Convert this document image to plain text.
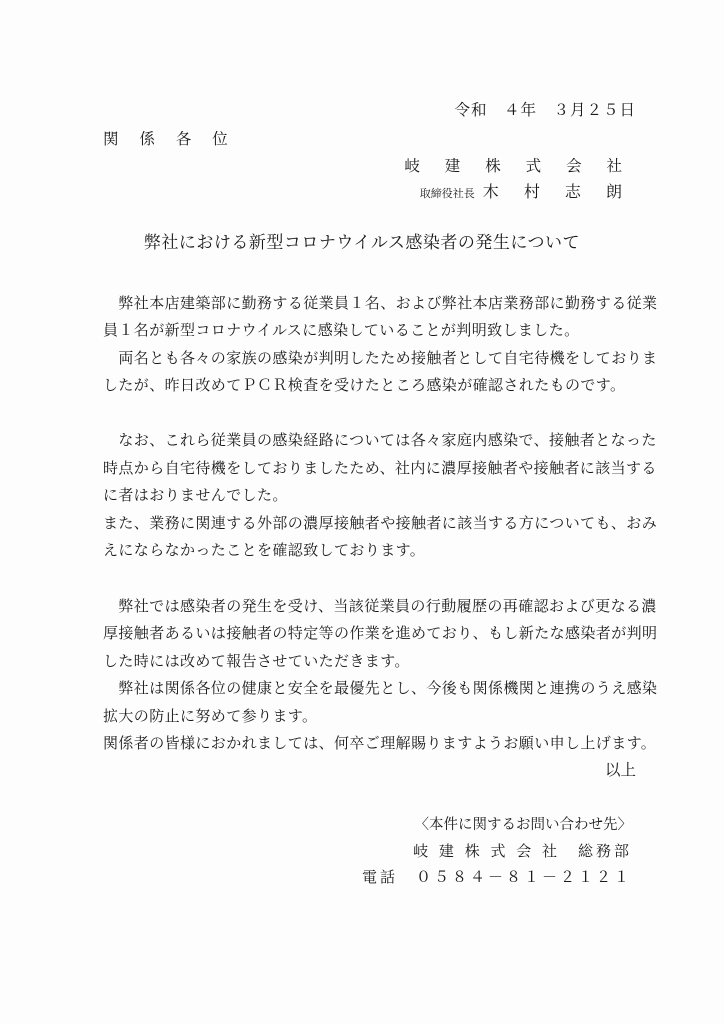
令和　４年　３月２５日
関 係 各 位
岐 建 株 式 会 社
取締役社長 木 村 志 朗
弊社における新型コロナウイルス感染者の発生について
　弊社本店建築部に勤務する従業員１名、および弊社本店業務部に勤務する従業
員１名が新型コロナウイルスに感染していることが判明致しました。
　両名とも各々の家族の感染が判明したため接触者として自宅待機をしておりま
したが、昨日改めてＰＣＲ検査を受けたところ感染が確認されたものです。
　なお、これら従業員の感染経路については各々家庭内感染で、接触者となった
時点から自宅待機をしておりましたため、社内に濃厚接触者や接触者に該当する
に者はおりませんでした。
また、業務に関連する外部の濃厚接触者や接触者に該当する方についても、おみ
えにならなかったことを確認致しております。
　弊社では感染者の発生を受け、当該従業員の行動履歴の再確認および更なる濃
厚接触者あるいは接触者の特定等の作業を進めており、もし新たな感染者が判明
した時には改めて報告させていただきます。
　弊社は関係各位の健康と安全を最優先とし、今後も関係機関と連携のうえ感染
拡大の防止に努めて参ります。
関係者の皆様におかれましては、何卒ご理解賜りますようお願い申し上げます。
以上
〈本件に関するお問い合わせ先〉
岐 建 株 式 会 社　総務部
電話　０５８４－８１－２１２１
